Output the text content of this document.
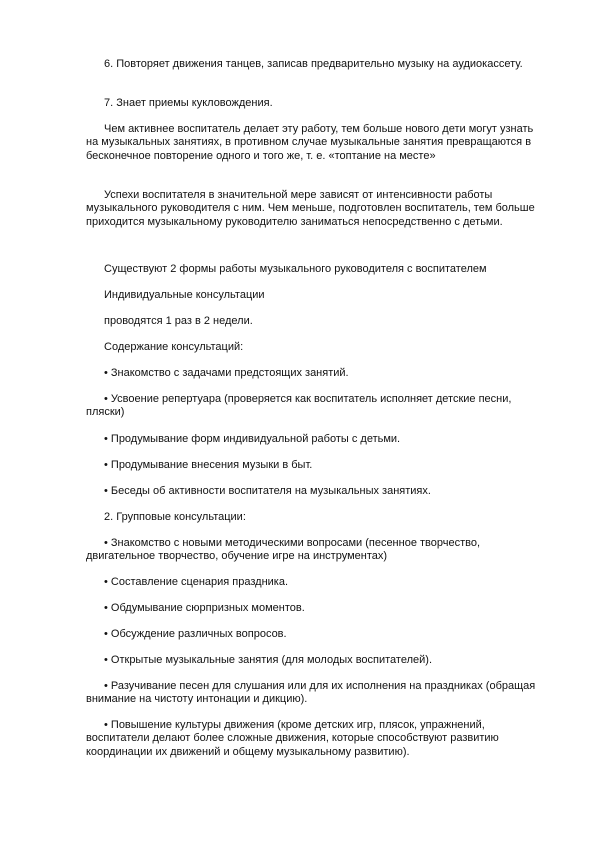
6. Повторяет движения танцев, записав предварительно музыку на аудиокассету.

7. Знает приемы кукловождения.

Чем активнее воспитатель делает эту работу, тем больше нового дети могут узнать на музыкальных занятиях, в противном случае музыкальные занятия превращаются в бесконечное повторение одного и того же, т. е. «топтание на месте»

Успехи воспитателя в значительной мере зависят от интенсивности работы музыкального руководителя с ним. Чем меньше, подготовлен воспитатель, тем больше приходится музыкальному руководителю заниматься непосредственно с детьми.

Существуют 2 формы работы музыкального руководителя с воспитателем

Индивидуальные консультации

проводятся 1 раз в 2 недели.

Содержание консультаций:

• Знакомство с задачами предстоящих занятий.

• Усвоение репертуара (проверяется как воспитатель исполняет детские песни, пляски)

• Продумывание форм индивидуальной работы с детьми.

• Продумывание внесения музыки в быт.

• Беседы об активности воспитателя на музыкальных занятиях.

2. Групповые консультации:

• Знакомство с новыми методическими вопросами (песенное творчество, двигательное творчество, обучение игре на инструментах)

• Составление сценария праздника.

• Обдумывание сюрпризных моментов.

• Обсуждение различных вопросов.

• Открытые музыкальные занятия (для молодых воспитателей).

• Разучивание песен для слушания или для их исполнения на праздниках (обращая внимание на чистоту интонации и дикцию).

• Повышение культуры движения (кроме детских игр, плясок, упражнений, воспитатели делают более сложные движения, которые способствуют развитию координации их движений и общему музыкальному развитию).
